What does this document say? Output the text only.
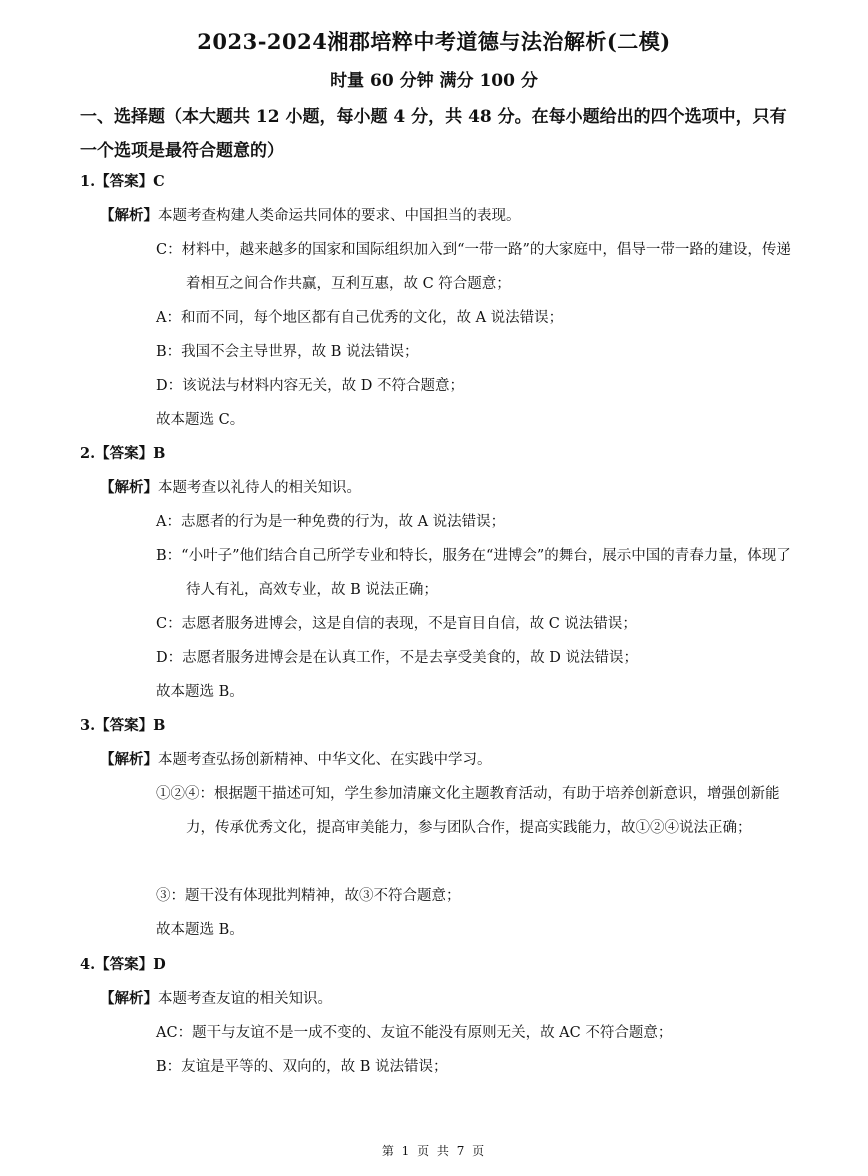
2023-2024湘郡培粹中考道德与法治解析(二模)
时量 60 分钟 满分 100 分
一、选择题（本大题共 12 小题，每小题 4 分，共 48 分。在每小题给出的四个选项中，只有一个选项是最符合题意的）
1.【答案】C
【解析】本题考查构建人类命运共同体的要求、中国担当的表现。
C：材料中，越来越多的国家和国际组织加入到“一带一路”的大家庭中，倡导一带一路的建设，传递着相互之间合作共赢，互利互惠，故 C 符合题意；
A：和而不同，每个地区都有自己优秀的文化，故 A 说法错误；
B：我国不会主导世界，故 B 说法错误；
D：该说法与材料内容无关，故 D 不符合题意；
故本题选 C。
2.【答案】B
【解析】本题考查以礼待人的相关知识。
A：志愿者的行为是一种免费的行为，故 A 说法错误；
B：“小叶子”他们结合自己所学专业和特长，服务在“进博会”的舞台，展示中国的青春力量，体现了待人有礼，高效专业，故 B 说法正确；
C：志愿者服务进博会，这是自信的表现，不是盲目自信，故 C 说法错误；
D：志愿者服务进博会是在认真工作，不是去享受美食的，故 D 说法错误；
故本题选 B。
3.【答案】B
【解析】本题考查弘扬创新精神、中华文化、在实践中学习。
①②④：根据题干描述可知，学生参加清廉文化主题教育活动，有助于培养创新意识，增强创新能力，传承优秀文化，提高审美能力，参与团队合作，提高实践能力，故①②④说法正确；
③：题干没有体现批判精神，故③不符合题意；
故本题选 B。
4.【答案】D
【解析】本题考查友谊的相关知识。
AC：题干与友谊不是一成不变的、友谊不能没有原则无关，故 AC 不符合题意；
B：友谊是平等的、双向的，故 B 说法错误；
第 1 页 共 7 页
